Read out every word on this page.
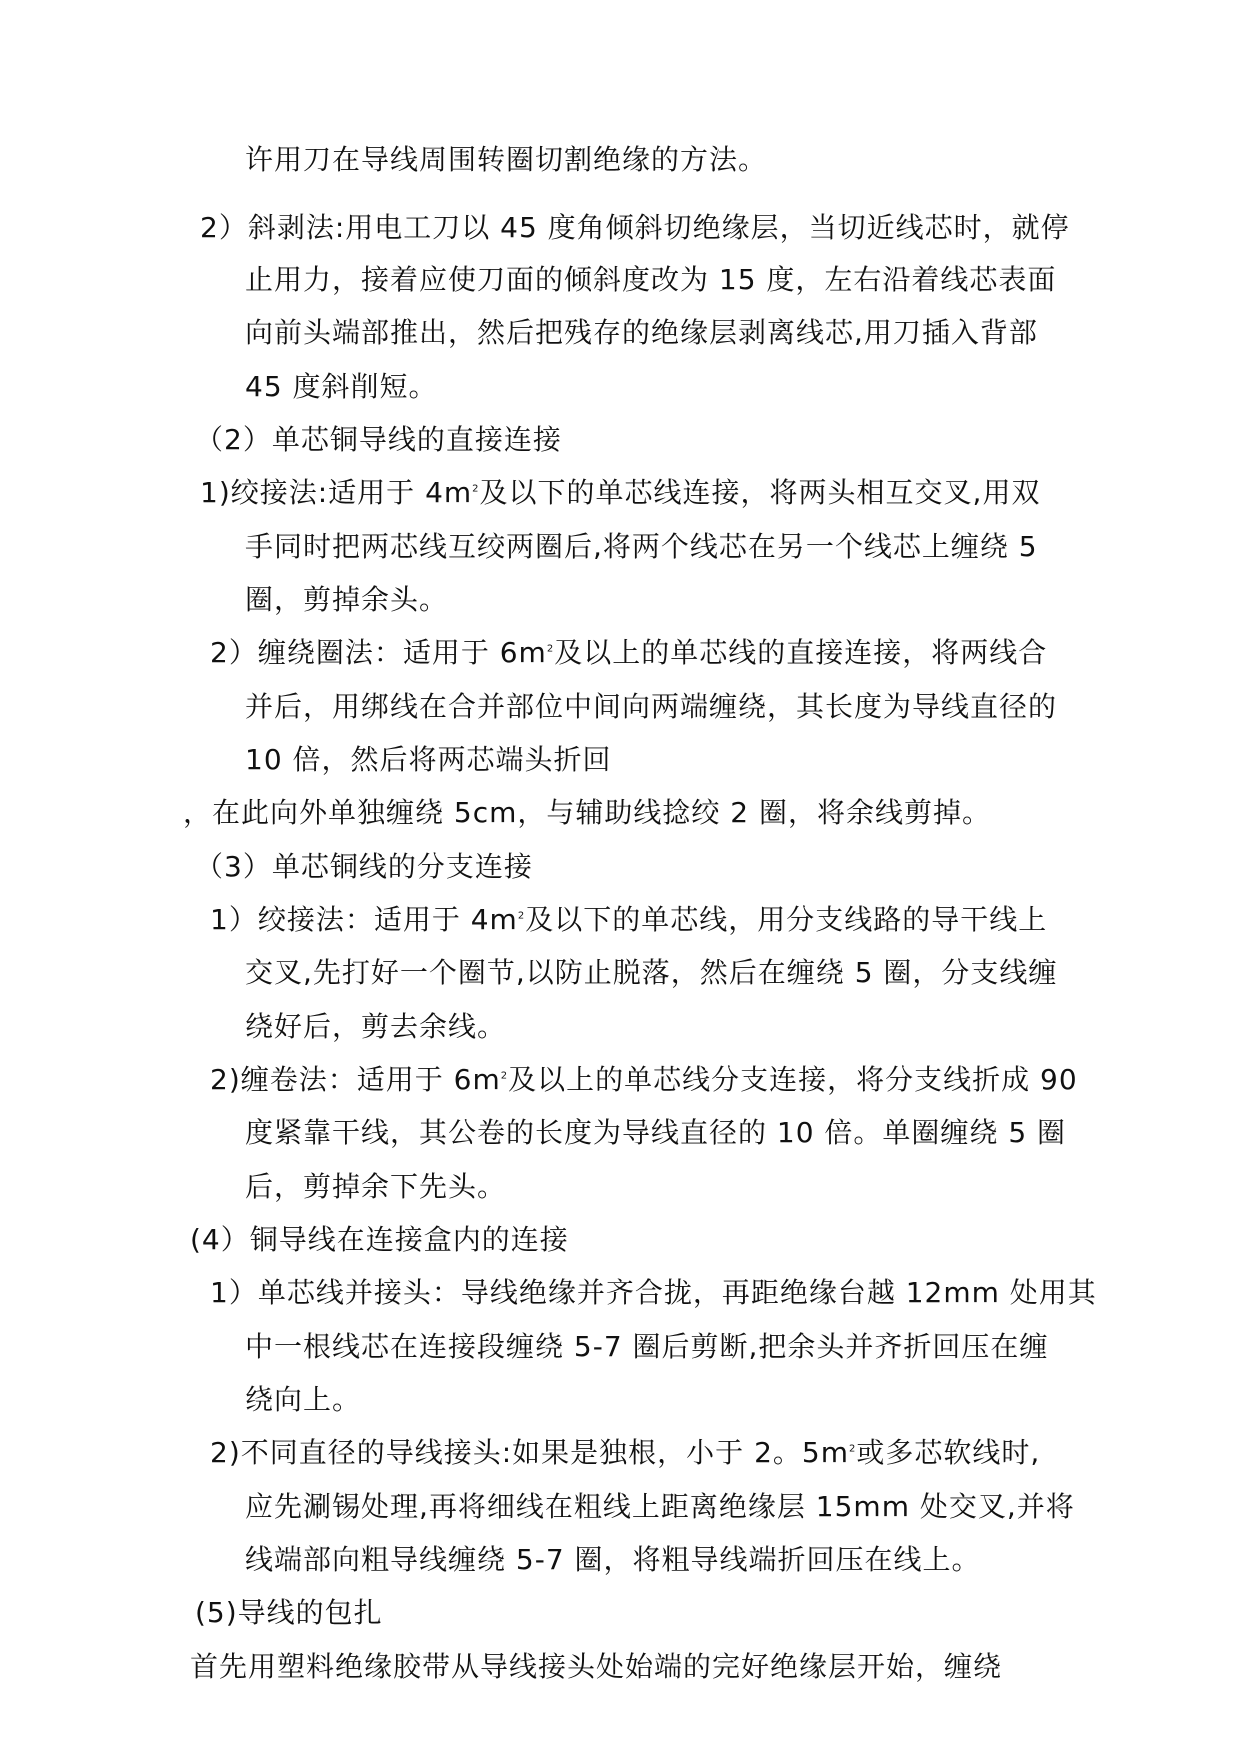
许用刀在导线周围转圈切割绝缘的方法。
2）斜剥法:用电工刀以 45 度角倾斜切绝缘层，当切近线芯时，就停
止用力，接着应使刀面的倾斜度改为 15 度，左右沿着线芯表面
向前头端部推出，然后把残存的绝缘层剥离线芯,用刀插入背部
45 度斜削短。
（2）单芯铜导线的直接连接
1)绞接法:适用于 $4m^2$及以下的单芯线连接，将两头相互交叉,用双
手同时把两芯线互绞两圈后,将两个线芯在另一个线芯上缠绕 5
圈，剪掉余头。
2）缠绕圈法：适用于 $6m^2$及以上的单芯线的直接连接，将两线合
并后，用绑线在合并部位中间向两端缠绕，其长度为导线直径的
10 倍，然后将两芯端头折回
，在此向外单独缠绕 5cm，与辅助线捻绞 2 圈，将余线剪掉。
（3）单芯铜线的分支连接
1）绞接法：适用于 $4m^2$及以下的单芯线，用分支线路的导干线上
交叉,先打好一个圈节,以防止脱落，然后在缠绕 5 圈，分支线缠
绕好后，剪去余线。
2)缠卷法：适用于 $6m^2$及以上的单芯线分支连接，将分支线折成 90
度紧靠干线，其公卷的长度为导线直径的 10 倍。单圈缠绕 5 圈
后，剪掉余下先头。
(4）铜导线在连接盒内的连接
1）单芯线并接头：导线绝缘并齐合拢，再距绝缘台越 12mm 处用其
中一根线芯在连接段缠绕 5-7 圈后剪断,把余头并齐折回压在缠
绕向上。
2)不同直径的导线接头:如果是独根，小于 2。$5m^2$或多芯软线时,
应先涮锡处理,再将细线在粗线上距离绝缘层 15mm 处交叉,并将
线端部向粗导线缠绕 5-7 圈，将粗导线端折回压在线上。
(5)导线的包扎
首先用塑料绝缘胶带从导线接头处始端的完好绝缘层开始，缠绕
